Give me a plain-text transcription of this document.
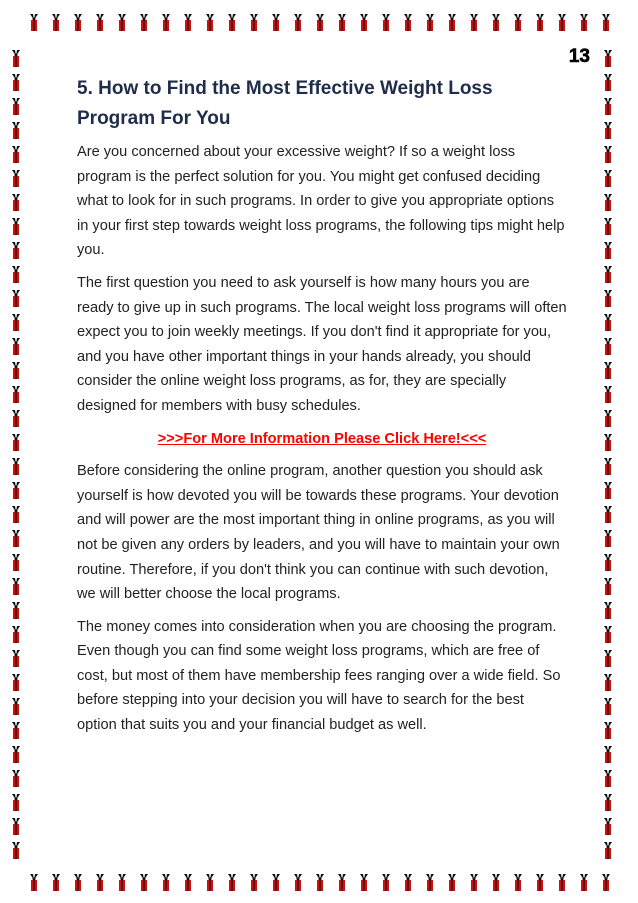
13
5. How to Find the Most Effective Weight Loss Program For You

Are you concerned about your excessive weight? If so a weight loss program is the perfect solution for you. You might get confused deciding what to look for in such programs. In order to give you appropriate options in your first step towards weight loss programs, the following tips might help you.

The first question you need to ask yourself is how many hours you are ready to give up in such programs. The local weight loss programs will often expect you to join weekly meetings. If you don't find it appropriate for you, and you have other important things in your hands already, you should consider the online weight loss programs, as for, they are specially designed for members with busy schedules.

>>>For More Information Please Click Here!<<<

Before considering the online program, another question you should ask yourself is how devoted you will be towards these programs. Your devotion and will power are the most important thing in online programs, as you will not be given any orders by leaders, and you will have to maintain your own routine. Therefore, if you don't think you can continue with such devotion, we will better choose the local programs.

The money comes into consideration when you are choosing the program. Even though you can find some weight loss programs, which are free of cost, but most of them have membership fees ranging over a wide field. So before stepping into your decision you will have to search for the best option that suits you and your financial budget as well.
